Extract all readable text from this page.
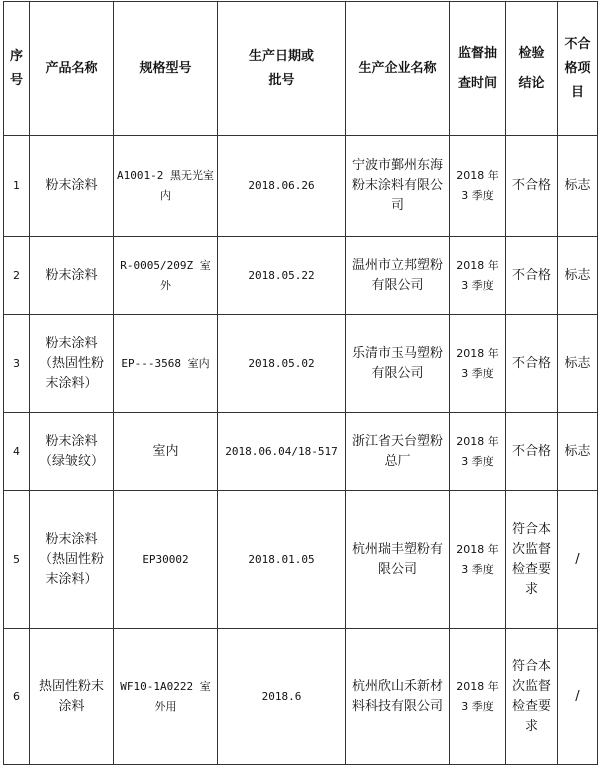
序号	产品名称	规格型号	生产日期或批号	生产企业名称	监督抽查时间	检验结论	不合格项目
1	粉末涂料	A1001-2 黑无光室内	2018.06.26	宁波市鄞州东海粉末涂料有限公司	2018 年 3 季度	不合格	标志
2	粉末涂料	R-0005/209Z 室外	2018.05.22	温州市立邦塑粉有限公司	2018 年 3 季度	不合格	标志
3	粉末涂料（热固性粉末涂料）	EP---3568 室内	2018.05.02	乐清市玉马塑粉有限公司	2018 年 3 季度	不合格	标志
4	粉末涂料（绿皱纹）	室内	2018.06.04/18-517	浙江省天台塑粉总厂	2018 年 3 季度	不合格	标志
5	粉末涂料（热固性粉末涂料）	EP30002	2018.01.05	杭州瑞丰塑粉有限公司	2018 年 3 季度	符合本次监督检查要求	/
6	热固性粉末涂料	WF10-1A0222 室外用	2018.6	杭州欣山禾新材料科技有限公司	2018 年 3 季度	符合本次监督检查要求	/
